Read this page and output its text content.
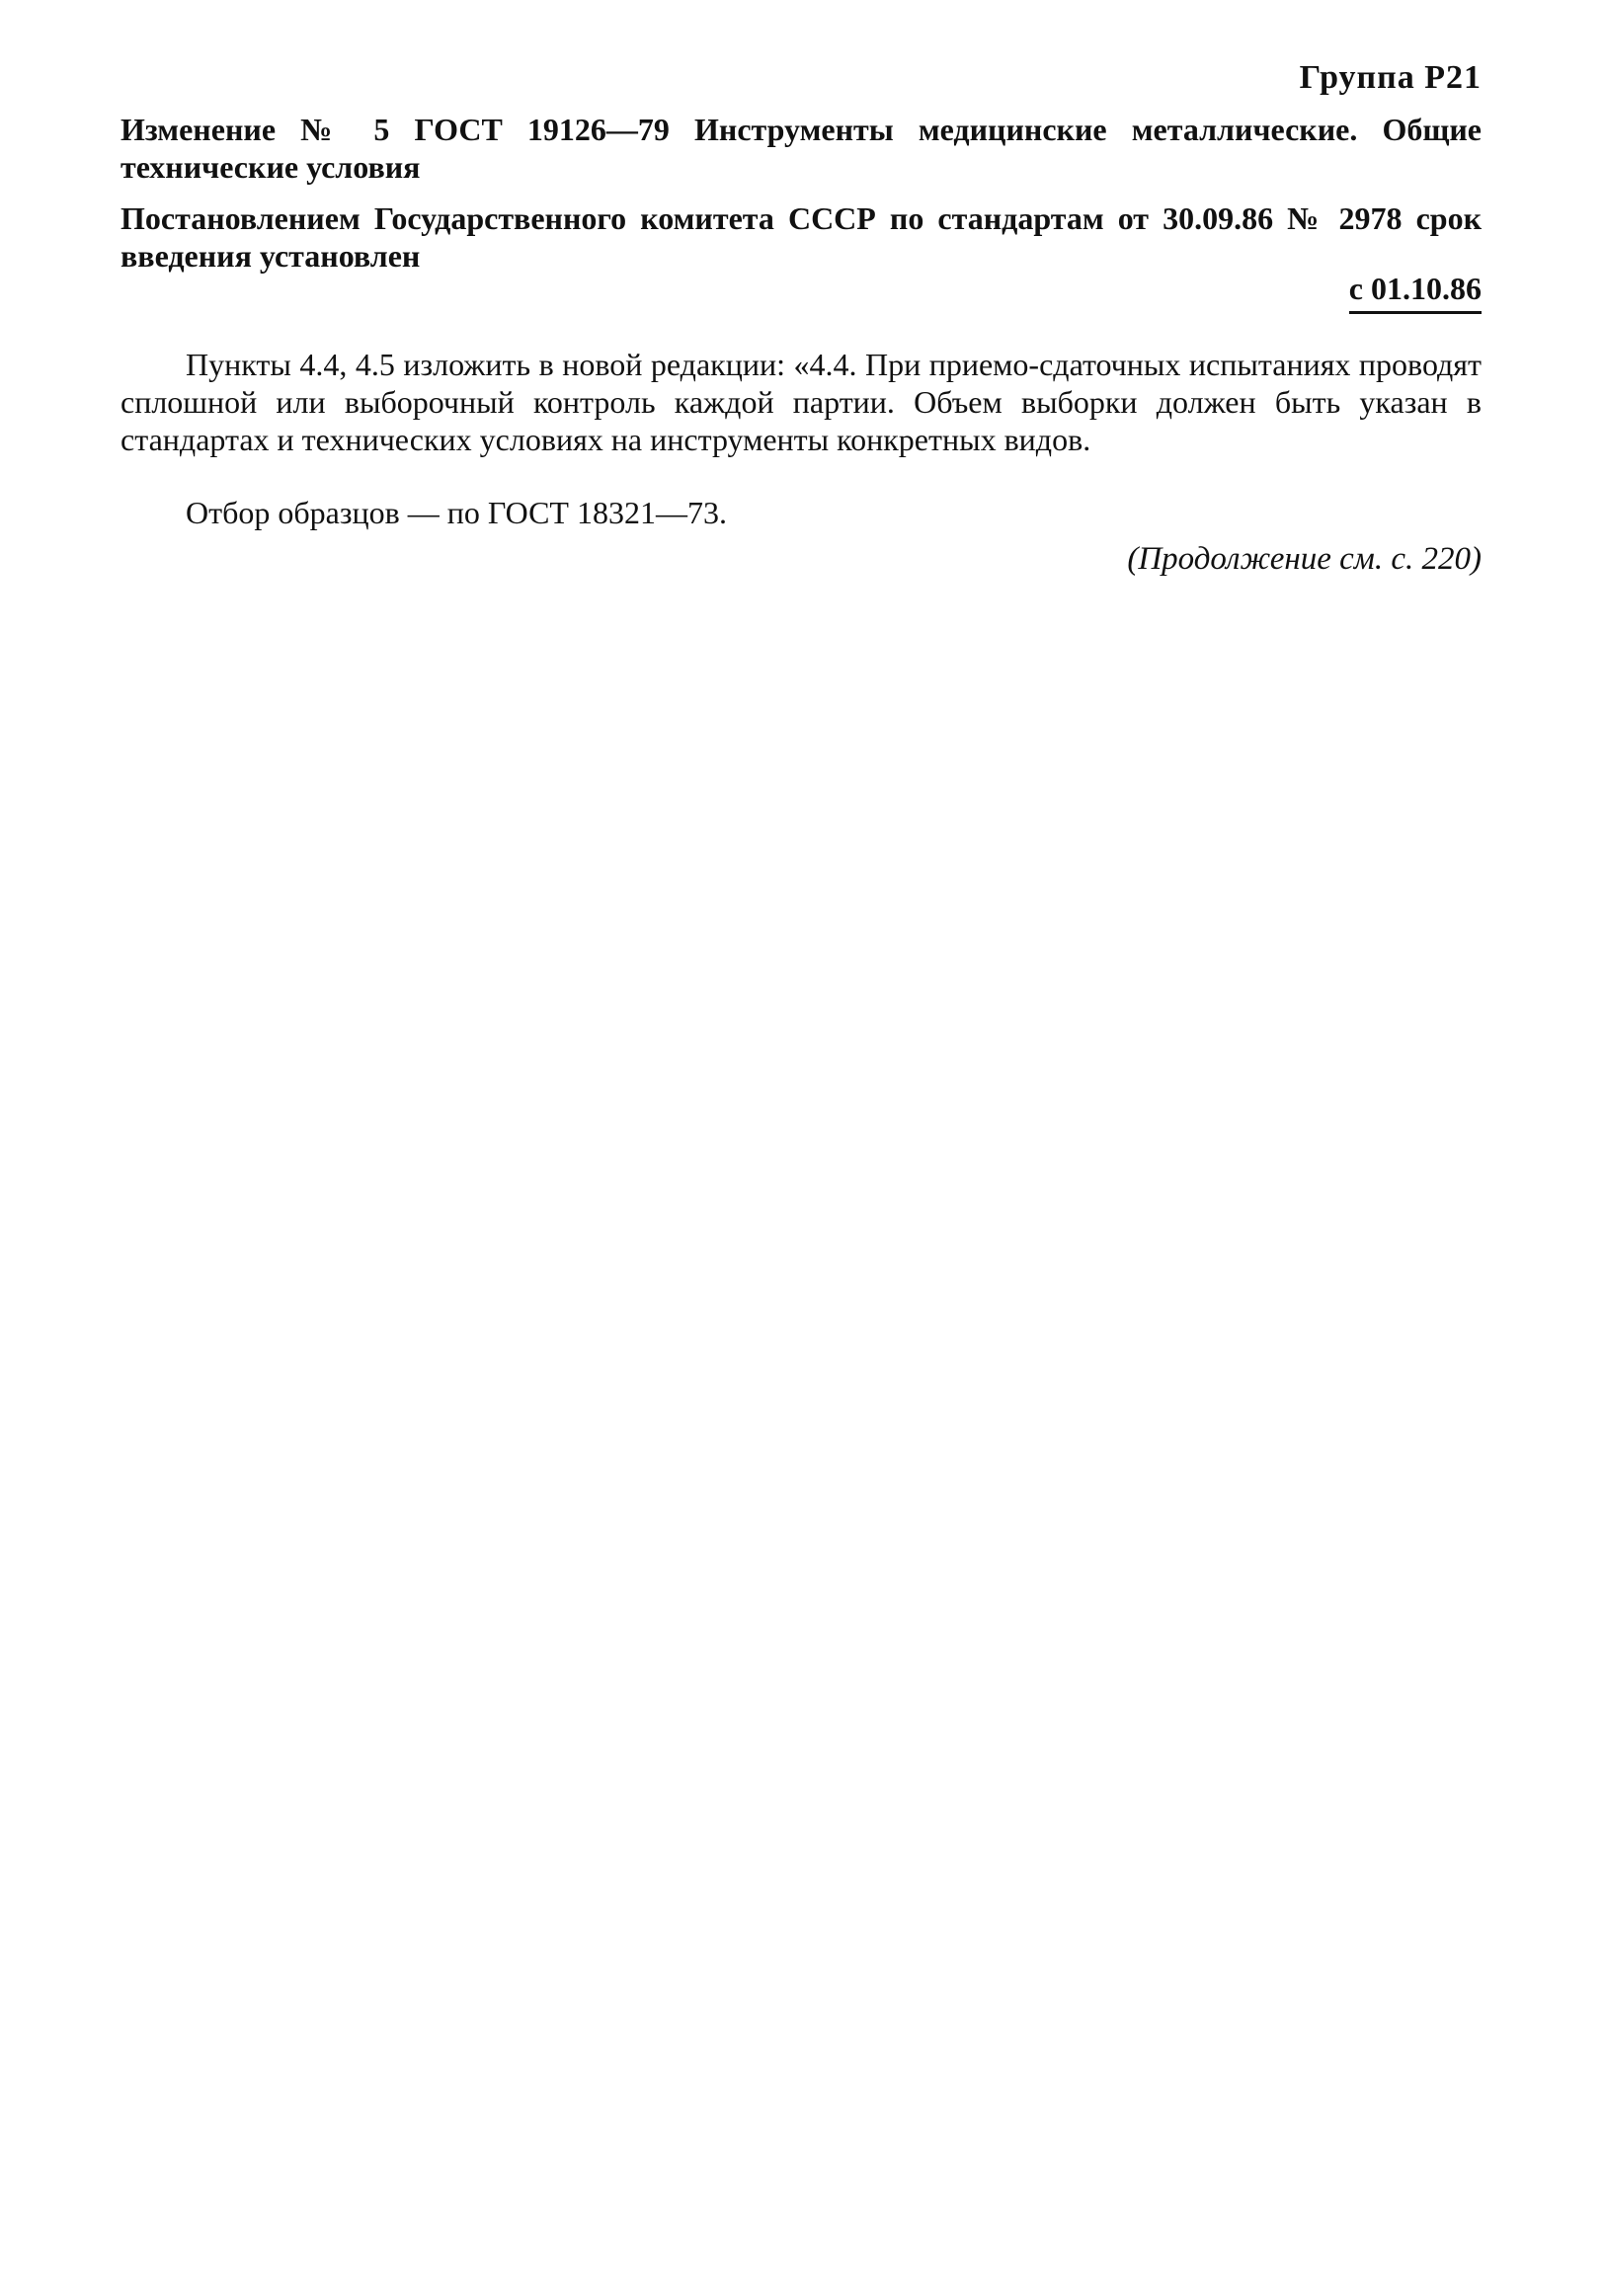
Группа Р21
Изменение № 5 ГОСТ 19126—79 Инструменты медицинские металлические. Общие технические условия
Постановлением Государственного комитета СССР по стандартам от 30.09.86 № 2978 срок введения установлен
с 01.10.86
Пункты 4.4, 4.5 изложить в новой редакции: «4.4. При приемо-сдаточных испытаниях проводят сплошной или выборочный контроль каждой партии. Объем выборки должен быть указан в стандартах и технических условиях на инструменты конкретных видов.
Отбор образцов — по ГОСТ 18321—73.
(Продолжение см. с. 220)
